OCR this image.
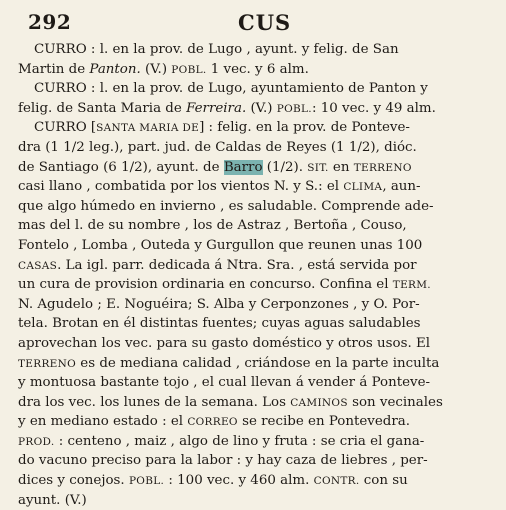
292	CUS
CURRO : l. en la prov. de Lugo , ayunt. y felig. de San
Martin de Panton. (V.) POBL. 1 vec. y 6 alm.
CURRO : l. en la prov. de Lugo, ayuntamiento de Panton y
felig. de Santa Maria de Ferreira. (V.) POBL.: 10 vec. y 49 alm.
CURRO [SANTA MARIA DE] : felig. en la prov. de Ponteve-
dra (1 1/2 leg.), part. jud. de Caldas de Reyes (1 1/2), dióc.
de Santiago (6 1/2), ayunt. de Barro (1/2). SIT. en TERRENO
casi llano , combatida por los vientos N. y S.: el CLIMA, aun-
que algo húmedo en invierno , es saludable. Comprende ade-
mas del l. de su nombre , los de Astraz , Bertoña , Couso,
Fontelo , Lomba , Outeda y Gurgullon que reunen unas 100
CASAS. La igl. parr. dedicada á Ntra. Sra. , está servida por
un cura de provision ordinaria en concurso. Confina el TERM.
N. Agudelo ; E. Noguéira; S. Alba y Cerponzones , y O. Por-
tela. Brotan en él distintas fuentes; cuyas aguas saludables
aprovechan los vec. para su gasto doméstico y otros usos. El
TERRENO es de mediana calidad , criándose en la parte inculta
y montuosa bastante tojo , el cual llevan á vender á Ponteve-
dra los vec. los lunes de la semana. Los CAMINOS son vecinales
y en mediano estado : el CORREO se recibe en Pontevedra.
PROD. : centeno , maiz , algo de lino y fruta : se cria el gana-
do vacuno preciso para la labor : y hay caza de liebres , per-
dices y conejos. POBL. : 100 vec. y 460 alm. CONTR. con su
ayunt. (V.)
